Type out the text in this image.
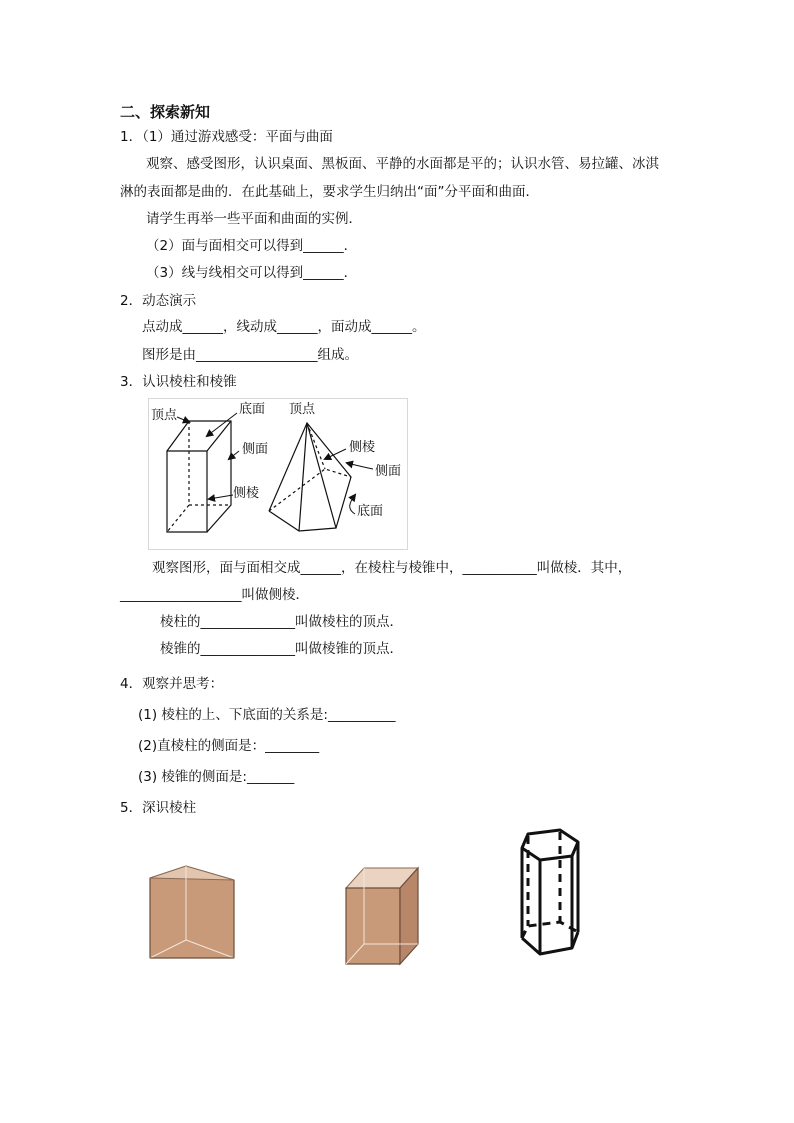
二、探索新知
1．（1）通过游戏感受：平面与曲面
观察、感受图形，认识桌面、黑板面、平静的水面都是平的；认识水管、易拉罐、冰淇
淋的表面都是曲的．在此基础上，要求学生归纳出“面”分平面和曲面．
请学生再举一些平面和曲面的实例．
（2）面与面相交可以得到______．
（3）线与线相交可以得到______．
2．动态演示
点动成______，线动成______，面动成______。
图形是由__________________组成。
3．认识棱柱和棱锥
顶点	底面
侧面
侧棱
顶点
侧棱
侧面
底面
观察图形，面与面相交成______，在棱柱与棱锥中，___________叫做棱．其中，
__________________叫做侧棱．
棱柱的______________叫做棱柱的顶点．
棱锥的______________叫做棱锥的顶点．
4．观察并思考：
(1) 棱柱的上、下底面的关系是:__________
(2)直棱柱的侧面是：________
(3) 棱锥的侧面是:_______
5．深识棱柱
